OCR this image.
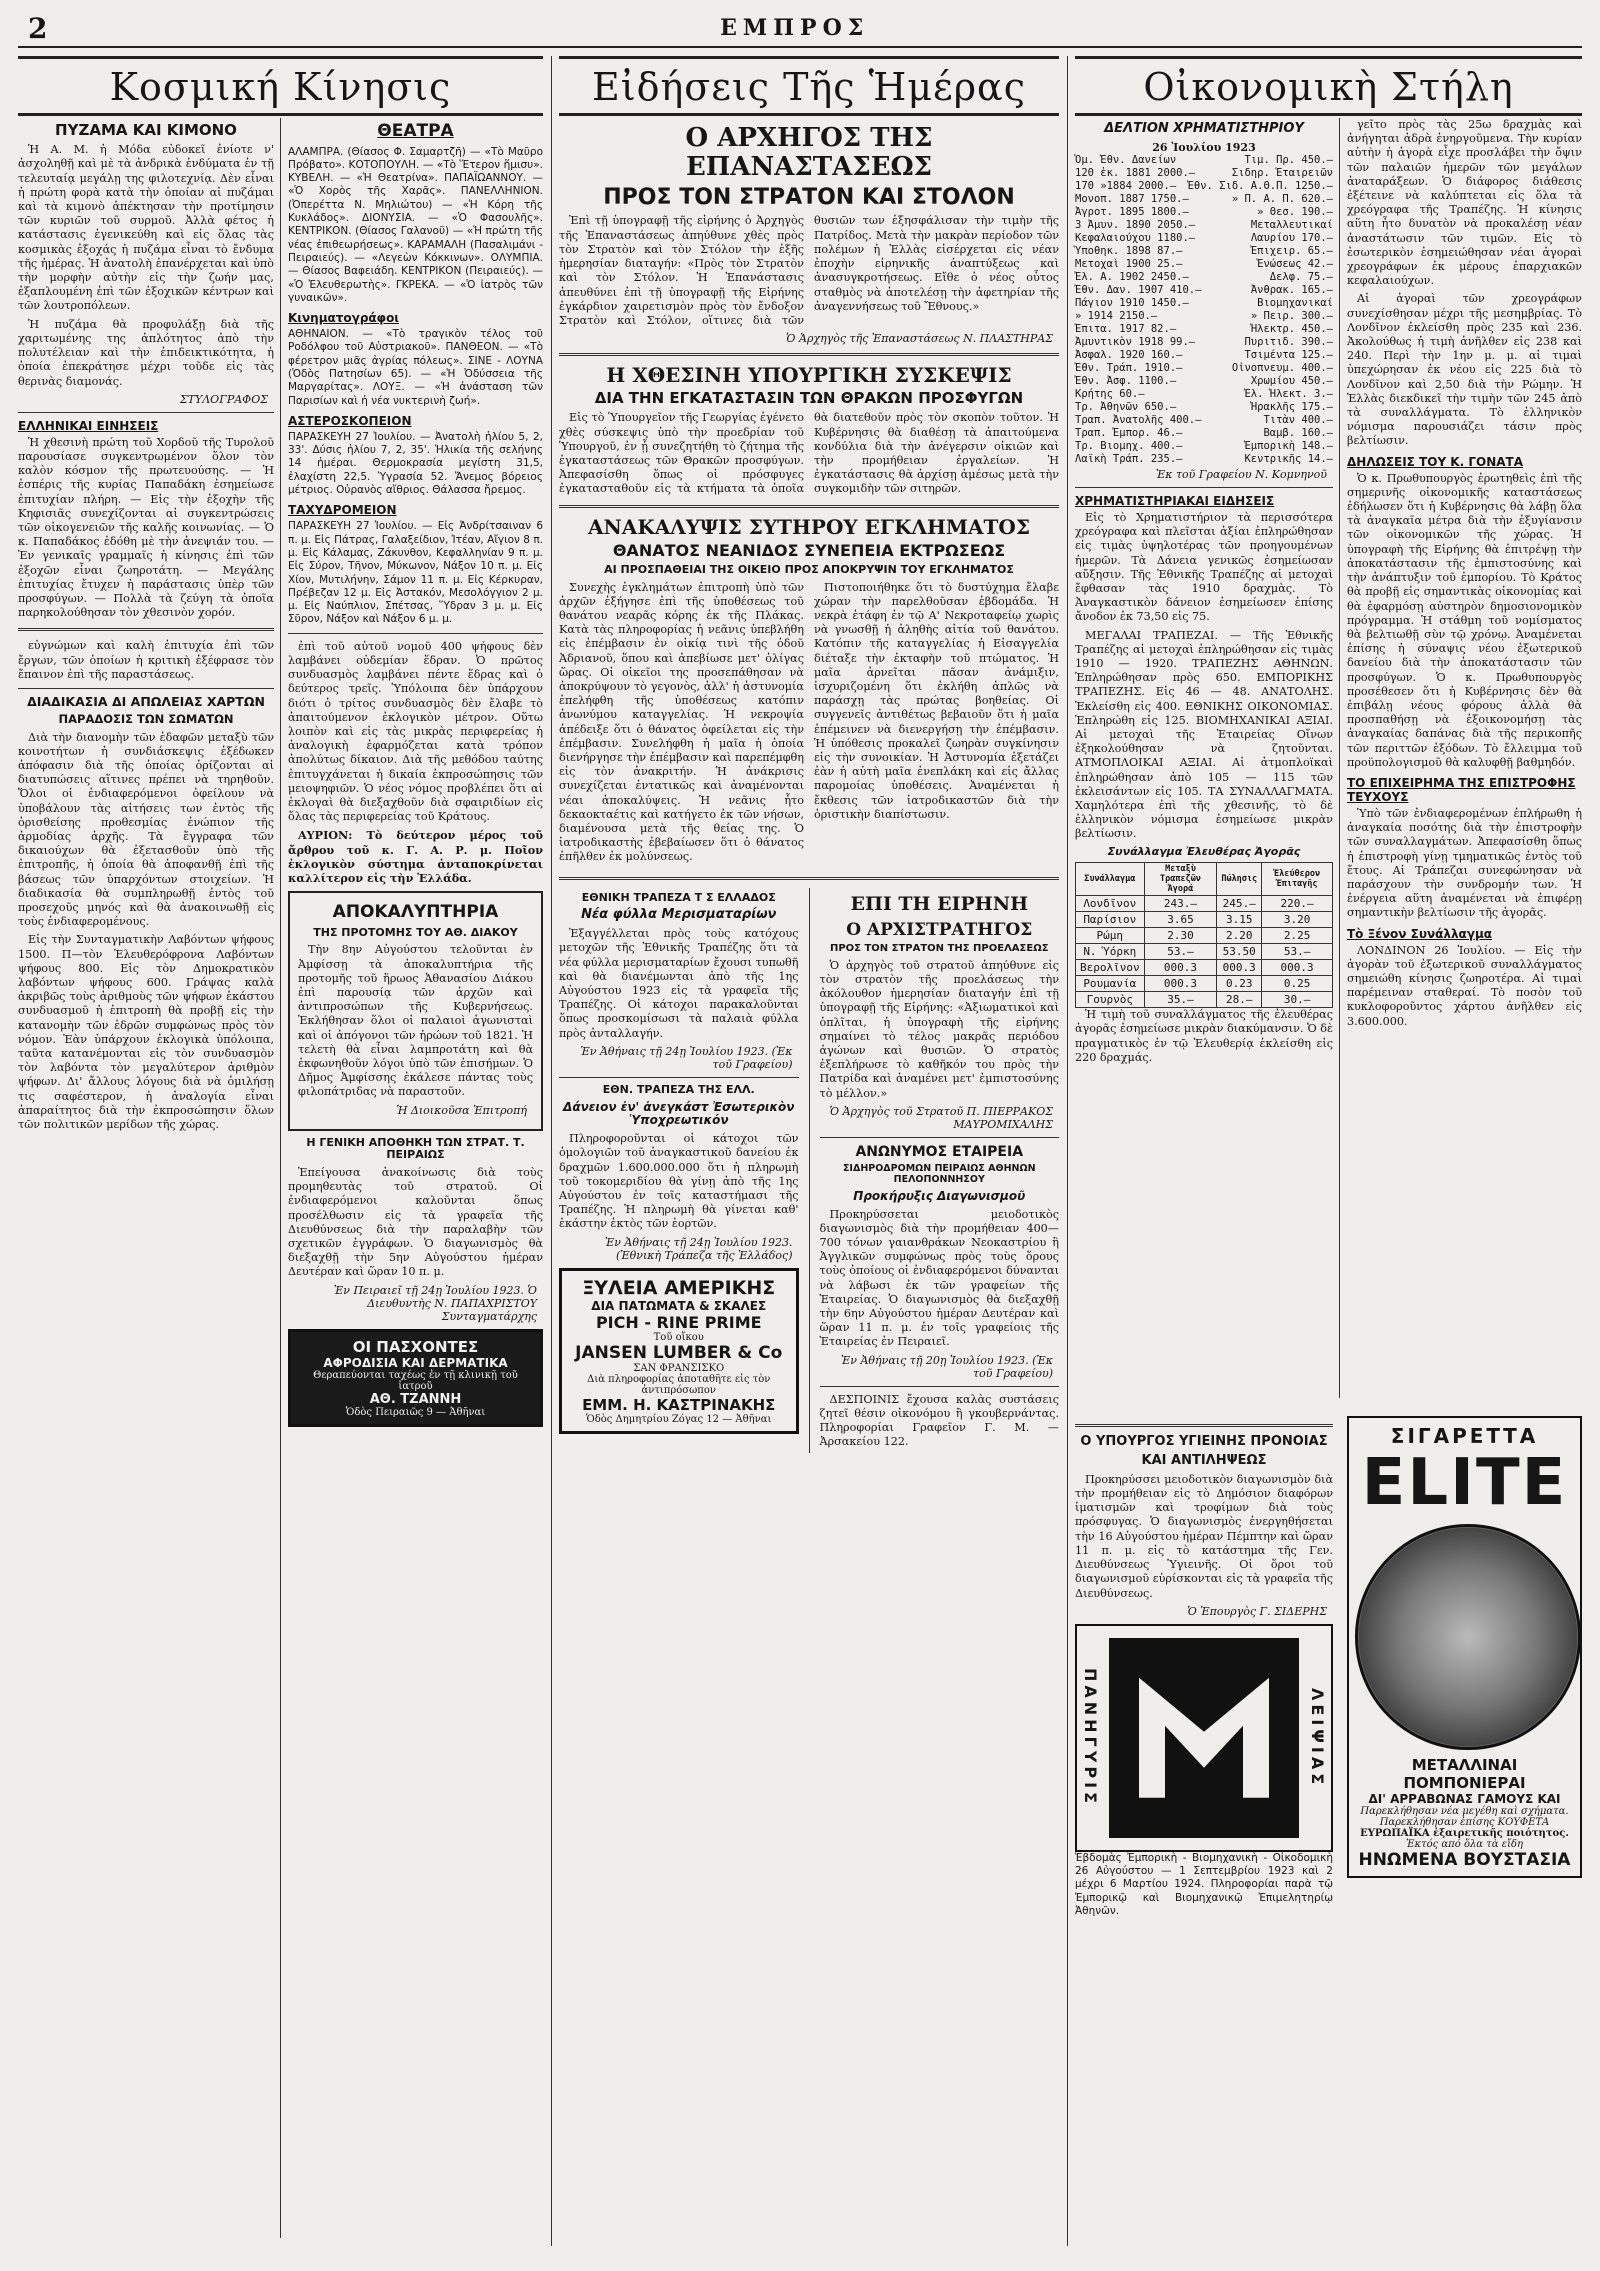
2	ΕΜΠΡΟΣ
Κοσμική Κίνησις
ΠΥΖΑΜΑ ΚΑΙ ΚΙΜΟΝΟ

Ἡ Α. Μ. ἡ Μόδα εὐδοκεῖ ἐνίοτε ν' ἀσχοληθῇ καὶ μὲ τὰ ἀνδρικὰ ἐνδύματα ἐν τῇ τελευταίᾳ μεγάλῃ της φιλοτεχνίᾳ. Δὲν εἶναι ἡ πρώτη φορὰ κατὰ τὴν ὁποίαν αἱ πυζάμαι καὶ τὰ κιμονὸ ἀπέκτησαν τὴν προτίμησιν τῶν κυριῶν τοῦ συρμοῦ. Ἀλλὰ φέτος ἡ κατάστασις ἐγενικεύθη καὶ εἰς ὅλας τὰς κοσμικὰς ἐξοχάς ἡ πυζάμα εἶναι τὸ ἔνδυμα τῆς ἡμέρας. Ἡ ἀνατολὴ ἐπανέρχεται καὶ ὑπὸ τὴν μορφὴν αὐτὴν εἰς τὴν ζωήν μας, ἐξαπλουμένη ἐπὶ τῶν ἐξοχικῶν κέντρων καὶ τῶν λουτροπόλεων.

Ἡ πυζάμα θὰ προφυλάξῃ διὰ τῆς χαριτωμένης της ἁπλότητος ἀπὸ τὴν πολυτέλειαν καὶ τὴν ἐπιδεικτικότητα, ἡ ὁποία ἐπεκράτησε μέχρι τοῦδε εἰς τὰς θερινὰς διαμονάς.

ΣΤΥΛΟΓΡΑΦΟΣ
ΕΛΛΗΝΙΚΑΙ ΕΙΝΗΣΕΙΣ

Ἡ χθεσινὴ πρώτη τοῦ Χορδοῦ τῆς Τυρολοῦ παρουσίασε συγκεντρωμένον ὅλον τὸν καλὸν κόσμον τῆς πρωτευούσης. — Ἡ ἑσπέρις τῆς κυρίας Παπαδάκη ἐσημείωσε ἐπιτυχίαν πλήρη. — Εἰς τὴν ἐξοχὴν τῆς Κηφισιᾶς συνεχίζονται αἱ συγκεντρώσεις τῶν οἰκογενειῶν τῆς καλῆς κοινωνίας. — Ὁ κ. Παπαδάκος ἐδόθη μὲ τὴν ἀνεψιάν του. — Ἐν γενικαῖς γραμμαῖς ἡ κίνησις ἐπὶ τῶν ἐξοχῶν εἶναι ζωηροτάτη. — Μεγάλης ἐπιτυχίας ἔτυχεν ἡ παράστασις ὑπὲρ τῶν προσφύγων. — Πολλὰ τὰ ζεύγη τὰ ὁποῖα παρηκολούθησαν τὸν χθεσινὸν χορόν.

εὐγνώμων καὶ καλὴ ἐπιτυχία ἐπὶ τῶν ἔργων, τῶν ὁποίων ἡ κριτικὴ ἐξέφρασε τὸν ἔπαινον ἐπὶ τῆς παραστάσεως.

ΔΙΑΔΙΚΑΣΙΑ ΔΙ ΑΠΩΛΕΙΑΣ ΧΑΡΤΩΝ
ΠΑΡΑΔΟΣΙΣ ΤΩΝ ΣΩΜΑΤΩΝ

Διὰ τὴν διανομὴν τῶν ἐδαφῶν μεταξὺ τῶν κοινοτήτων ἡ συνδιάσκεψις ἐξέδωκεν ἀπόφασιν διὰ τῆς ὁποίας ὁρίζονται αἱ διατυπώσεις αἵτινες πρέπει νὰ τηρηθοῦν. Ὅλοι οἱ ἐνδιαφερόμενοι ὀφείλουν νὰ ὑποβάλουν τὰς αἰτήσεις των ἐντὸς τῆς ὁρισθείσης προθεσμίας ἐνώπιον τῆς ἁρμοδίας ἀρχῆς. Τὰ ἔγγραφα τῶν δικαιούχων θὰ ἐξετασθοῦν ὑπὸ τῆς ἐπιτροπῆς, ἡ ὁποία θὰ ἀποφανθῇ ἐπὶ τῆς βάσεως τῶν ὑπαρχόντων στοιχείων. Ἡ διαδικασία θὰ συμπληρωθῇ ἐντὸς τοῦ προσεχοῦς μηνός καὶ θὰ ἀνακοινωθῇ εἰς τοὺς ἐνδιαφερομένους.

Εἰς τὴν Συνταγματικὴν Λαβόντων ψήφους 1500. Π—τὸν Ἐλευθερόφρονα Λαβόντων ψήφους 800. Εἰς τὸν Δημοκρατικὸν λαβόντων ψήφους 600. Γράψας καλὰ ἀκριβῶς τοὺς ἀριθμοὺς τῶν ψήφων ἑκάστου συνδυασμοῦ ἡ ἐπιτροπὴ θὰ προβῇ εἰς τὴν κατανομὴν τῶν ἑδρῶν συμφώνως πρὸς τὸν νόμον. Ἐὰν ὑπάρχουν ἐκλογικὰ ὑπόλοιπα, ταῦτα κατανέμονται εἰς τὸν συνδυασμὸν τὸν λαβόντα τὸν μεγαλύτερον ἀριθμὸν ψήφων. Δι' ἄλλους λόγους διὰ νὰ ὁμιλήσῃ τις σαφέστερον, ἡ ἀναλογία εἶναι ἀπαραίτητος διὰ τὴν ἐκπροσώπησιν ὅλων τῶν πολιτικῶν μερίδων τῆς χώρας.

ΘΕΑΤΡΑ

ΑΛΑΜΠΡΑ. (Θίασος Φ. Σαμαρτζῆ) — «Τὸ Μαῦρο Πρόβατο». ΚΟΤΟΠΟΥΛΗ. — «Τὸ Ἕτερον ἥμισυ». ΚΥΒΕΛΗ. — «Ἡ Θεατρίνα». ΠΑΠΑΪΩΑΝΝΟΥ. — «Ὁ Χορὸς τῆς Χαρᾶς». ΠΑΝΕΛΛΗΝΙΟΝ. (Ὀπερέττα Ν. Μηλιώτου) — «Ἡ Κόρη τῆς Κυκλάδος». ΔΙΟΝΥΣΙΑ. — «Ὁ Φασουλῆς». ΚΕΝΤΡΙΚΟΝ. (Θίασος Γαλανοῦ) — «Ἡ πρώτη τῆς νέας ἐπιθεωρήσεως». ΚΑΡΑΜΑΛΗ (Πασαλιμάνι - Πειραιεύς). — «Λεγεὼν Κόκκινων». ΟΛΥΜΠΙΑ. — Θίασος Βαφειάδη. ΚΕΝΤΡΙΚΟΝ (Πειραιεύς). — «Ὁ Ἐλευθερωτὴς». ΓΚΡΕΚΑ. — «Ὁ ἰατρὸς τῶν γυναικῶν».

Κινηματογράφοι

ΑΘΗΝΑΙΟΝ. — «Τὸ τραγικὸν τέλος τοῦ Ροδόλφου τοῦ Αὐστριακοῦ». ΠΑΝΘΕΟΝ. — «Τὸ φέρετρον μιᾶς ἀγρίας πόλεως». ΣΙΝΕ - ΛΟΥΝΑ (Ὁδὸς Πατησίων 65). — «Ἡ Ὀδύσσεια τῆς Μαργαρίτας». ΛΟΥΞ. — «Ἡ ἀνάσταση τῶν Παρισίων καὶ ἡ νέα νυκτερινὴ ζωή».

ΑΣΤΕΡΟΣΚΟΠΕΙΟΝ

ΠΑΡΑΣΚΕΥΗ 27 Ἰουλίου. — Ἀνατολὴ ἡλίου 5, 2, 33'. Δύσις ἡλίου 7, 2, 35'. Ἡλικία τῆς σελήνης 14 ἡμέραι. Θερμοκρασία μεγίστη 31,5, ἐλαχίστη 22,5. Ὑγρασία 52. Ἄνεμος βόρειος μέτριος. Οὐρανὸς αἴθριος. Θάλασσα ἤρεμος.

ΤΑΧΥΔΡΟΜΕΙΟΝ

ΠΑΡΑΣΚΕΥΗ 27 Ἰουλίου. — Εἰς Ἀνδρίτσαιναν 6 π. μ. Εἰς Πάτρας, Γαλαξείδιον, Ἰτέαν, Αἴγιον 8 π. μ. Εἰς Κάλαμας, Ζάκυνθον, Κεφαλληνίαν 9 π. μ. Εἰς Σύρον, Τῆνον, Μύκωνον, Νάξον 10 π. μ. Εἰς Χίον, Μυτιλήνην, Σάμον 11 π. μ. Εἰς Κέρκυραν, Πρέβεζαν 12 μ. Εἰς Ἀστακόν, Μεσολόγγιον 2 μ. μ. Εἰς Ναύπλιον, Σπέτσας, Ὕδραν 3 μ. μ. Εἰς Σῦρον, Νάξον καὶ Νάξον 6 μ. μ.

ἐπὶ τοῦ αὐτοῦ νομοῦ 400 ψήφους δὲν λαμβάνει οὐδεμίαν ἕδραν. Ὁ πρῶτος συνδυασμὸς λαμβάνει πέντε ἕδρας καὶ ὁ δεύτερος τρεῖς. Ὑπόλοιπα δὲν ὑπάρχουν διότι ὁ τρίτος συνδυασμὸς δὲν ἔλαβε τὸ ἀπαιτούμενον ἐκλογικὸν μέτρον. Οὕτω λοιπὸν καὶ εἰς τὰς μικρὰς περιφερείας ἡ ἀναλογικὴ ἐφαρμόζεται κατὰ τρόπον ἀπολύτως δίκαιον. Διὰ τῆς μεθόδου ταύτης ἐπιτυγχάνεται ἡ δικαία ἐκπροσώπησις τῶν μειοψηφιῶν. Ὁ νέος νόμος προβλέπει ὅτι αἱ ἐκλογαὶ θὰ διεξαχθοῦν διὰ σφαιριδίων εἰς ὅλας τὰς περιφερείας τοῦ Κράτους.

ΑΥΡΙΟΝ: Τὸ δεύτερον μέρος τοῦ ἄρθρου τοῦ κ. Γ. Α. Ρ. μ. Ποῖον ἐκλογικὸν σύστημα ἀνταποκρίνεται καλλίτερον εἰς τὴν Ἑλλάδα.

ΑΠΟΚΑΛΥΠΤΗΡΙΑ
ΤΗΣ ΠΡΟΤΟΜΗΣ ΤΟΥ ΑΘ. ΔΙΑΚΟΥ

Τὴν 8ην Αὐγούστου τελοῦνται ἐν Ἀμφίσσῃ τὰ ἀποκαλυπτήρια τῆς προτομῆς τοῦ ἥρωος Ἀθανασίου Διάκου ἐπὶ παρουσίᾳ τῶν ἀρχῶν καὶ ἀντιπροσώπων τῆς Κυβερνήσεως. Ἐκλήθησαν ὅλοι οἱ παλαιοὶ ἀγωνισταὶ καὶ οἱ ἀπόγονοι τῶν ἡρώων τοῦ 1821. Ἡ τελετὴ θὰ εἶναι λαμπροτάτη καὶ θὰ ἐκφωνηθοῦν λόγοι ὑπὸ τῶν ἐπισήμων. Ὁ Δῆμος Ἀμφίσσης ἐκάλεσε πάντας τοὺς φιλοπάτριδας νὰ παραστοῦν.

Ἡ Διοικοῦσα Ἐπιτροπή
Η ΓΕΝΙΚΗ ΑΠΟΘΗΚΗ ΤΩΝ ΣΤΡΑΤ. Τ. ΠΕΙΡΑΙΩΣ

Ἐπείγουσα ἀνακοίνωσις διὰ τοὺς προμηθευτὰς τοῦ στρατοῦ. Οἱ ἐνδιαφερόμενοι καλοῦνται ὅπως προσέλθωσιν εἰς τὰ γραφεῖα τῆς Διευθύνσεως διὰ τὴν παραλαβὴν τῶν σχετικῶν ἐγγράφων. Ὁ διαγωνισμὸς θὰ διεξαχθῇ τὴν 5ην Αὐγούστου ἡμέραν Δευτέραν καὶ ὥραν 10 π. μ.

Ἐν Πειραιεῖ τῇ 24ῃ Ἰουλίου 1923. Ὁ Διευθυντὴς Ν. ΠΑΠΑΧΡΙΣΤΟΥ Συνταγματάρχης
ΟΙ ΠΑΣΧΟΝΤΕΣ
ΑΦΡΟΔΙΣΙΑ ΚΑΙ ΔΕΡΜΑΤΙΚΑ
Θεραπεύονται ταχέως ἐν τῇ κλινικῇ τοῦ ἰατροῦ
ΑΘ. ΤΖΑΝΝΗ
Ὁδὸς Πειραιῶς 9 — Ἀθῆναι
Εἰδήσεις Τῆς Ἡμέρας
Ο ΑΡΧΗΓΟΣ ΤΗΣ ΕΠΑΝΑΣΤΑΣΕΩΣ
ΠΡΟΣ ΤΟΝ ΣΤΡΑΤΟΝ ΚΑΙ ΣΤΟΛΟΝ

Ἐπὶ τῇ ὑπογραφῇ τῆς εἰρήνης ὁ Ἀρχηγὸς τῆς Ἐπαναστάσεως ἀπηύθυνε χθὲς πρὸς τὸν Στρατὸν καὶ τὸν Στόλον τὴν ἑξῆς ἡμερησίαν διαταγήν: «Πρὸς τὸν Στρατὸν καὶ τὸν Στόλον. Ἡ Ἐπανάστασις ἀπευθύνει ἐπὶ τῇ ὑπογραφῇ τῆς Εἰρήνης ἐγκάρδιον χαιρετισμὸν πρὸς τὸν ἔνδοξον Στρατὸν καὶ Στόλον, οἵτινες διὰ τῶν θυσιῶν των ἐξησφάλισαν τὴν τιμὴν τῆς Πατρίδος. Μετὰ τὴν μακρὰν περίοδον τῶν πολέμων ἡ Ἑλλὰς εἰσέρχεται εἰς νέαν ἐποχὴν εἰρηνικῆς ἀναπτύξεως καὶ ἀνασυγκροτήσεως. Εἴθε ὁ νέος οὗτος σταθμὸς νὰ ἀποτελέσῃ τὴν ἀφετηρίαν τῆς ἀναγεννήσεως τοῦ Ἔθνους.»

Ὁ Ἀρχηγὸς τῆς Ἐπαναστάσεως Ν. ΠΛΑΣΤΗΡΑΣ
Η ΧΘΕΣΙΝΗ ΥΠΟΥΡΓΙΚΗ ΣΥΣΚΕΨΙΣ
ΔΙΑ ΤΗΝ ΕΓΚΑΤΑΣΤΑΣΙΝ ΤΩΝ ΘΡΑΚΩΝ ΠΡΟΣΦΥΓΩΝ

Εἰς τὸ Ὑπουργεῖον τῆς Γεωργίας ἐγένετο χθὲς σύσκεψις ὑπὸ τὴν προεδρίαν τοῦ Ὑπουργοῦ, ἐν ᾗ συνεζητήθη τὸ ζήτημα τῆς ἐγκαταστάσεως τῶν Θρακῶν προσφύγων. Ἀπεφασίσθη ὅπως οἱ πρόσφυγες ἐγκατασταθοῦν εἰς τὰ κτήματα τὰ ὁποῖα θὰ διατεθοῦν πρὸς τὸν σκοπὸν τοῦτον. Ἡ Κυβέρνησις θὰ διαθέσῃ τὰ ἀπαιτούμενα κονδύλια διὰ τὴν ἀνέγερσιν οἰκιῶν καὶ τὴν προμήθειαν ἐργαλείων. Ἡ ἐγκατάστασις θὰ ἀρχίσῃ ἀμέσως μετὰ τὴν συγκομιδὴν τῶν σιτηρῶν.

ΑΝΑΚΑΛΥΨΙΣ ΣΥΤΗΡΟΥ ΕΓΚΛΗΜΑΤΟΣ
ΘΑΝΑΤΟΣ ΝΕΑΝΙΔΟΣ ΣΥΝΕΠΕΙΑ ΕΚΤΡΩΣΕΩΣ
ΑΙ ΠΡΟΣΠΑΘΕΙΑΙ ΤΗΣ ΟΙΚΕΙΟ ΠΡΟΣ ΑΠΟΚΡΥΨΙΝ ΤΟΥ ΕΓΚΛΗΜΑΤΟΣ

Συνεχὴς ἐγκλημάτων ἐπιτροπὴ ὑπὸ τῶν ἀρχῶν ἐξήγησε ἐπὶ τῆς ὑποθέσεως τοῦ θανάτου νεαρᾶς κόρης ἐκ τῆς Πλάκας. Κατὰ τὰς πληροφορίας ἡ νεᾶνις ὑπεβλήθη εἰς ἐπέμβασιν ἐν οἰκίᾳ τινὶ τῆς ὁδοῦ Ἀδριανοῦ, ὅπου καὶ ἀπεβίωσε μετ' ὀλίγας ὥρας. Οἱ οἰκεῖοι της προσεπάθησαν νὰ ἀποκρύψουν τὸ γεγονὸς, ἀλλ' ἡ ἀστυνομία ἐπελήφθη τῆς ὑποθέσεως κατόπιν ἀνωνύμου καταγγελίας. Ἡ νεκροψία ἀπέδειξε ὅτι ὁ θάνατος ὀφείλεται εἰς τὴν ἐπέμβασιν. Συνελήφθη ἡ μαῖα ἡ ὁποία διενήργησε τὴν ἐπέμβασιν καὶ παρεπέμφθη εἰς τὸν ἀνακριτήν. Ἡ ἀνάκρισις συνεχίζεται ἐντατικῶς καὶ ἀναμένονται νέαι ἀποκαλύψεις. Ἡ νεᾶνις ἦτο δεκαοκταέτις καὶ κατήγετο ἐκ τῶν νήσων, διαμένουσα μετὰ τῆς θείας της. Ὁ ἰατροδικαστὴς ἐβεβαίωσεν ὅτι ὁ θάνατος ἐπῆλθεν ἐκ μολύνσεως.

Πιστοποιήθηκε ὅτι τὸ δυστύχημα ἔλαβε χώραν τὴν παρελθοῦσαν ἑβδομάδα. Ἡ νεκρὰ ἐτάφη ἐν τῷ Α' Νεκροταφείῳ χωρὶς νὰ γνωσθῇ ἡ ἀληθὴς αἰτία τοῦ θανάτου. Κατόπιν τῆς καταγγελίας ἡ Εἰσαγγελία διέταξε τὴν ἐκταφὴν τοῦ πτώματος. Ἡ μαῖα ἀρνεῖται πᾶσαν ἀνάμιξιν, ἰσχυριζομένη ὅτι ἐκλήθη ἁπλῶς νὰ παράσχῃ τὰς πρώτας βοηθείας. Οἱ συγγενεῖς ἀντιθέτως βεβαιοῦν ὅτι ἡ μαῖα ἐπέμεινεν νὰ διενεργήσῃ τὴν ἐπέμβασιν. Ἡ ὑπόθεσις προκαλεῖ ζωηρὰν συγκίνησιν εἰς τὴν συνοικίαν. Ἡ Ἀστυνομία ἐξετάζει ἐὰν ἡ αὐτὴ μαῖα ἐνεπλάκη καὶ εἰς ἄλλας παρομοίας ὑποθέσεις. Ἀναμένεται ἡ ἔκθεσις τῶν ἰατροδικαστῶν διὰ τὴν ὁριστικὴν διαπίστωσιν.

ΕΘΝΙΚΗ ΤΡΑΠΕΖΑ Τ Σ ΕΛΛΑΔΟΣ
Νέα φύλλα Μερισματαρίων

Ἐξαγγέλλεται πρὸς τοὺς κατόχους μετοχῶν τῆς Ἐθνικῆς Τραπέζης ὅτι τὰ νέα φύλλα μερισματαρίων ἔχουσι τυπωθῆ καὶ θὰ διανέμωνται ἀπὸ τῆς 1ης Αὐγούστου 1923 εἰς τὰ γραφεῖα τῆς Τραπέζης. Οἱ κάτοχοι παρακαλοῦνται ὅπως προσκομίσωσι τὰ παλαιὰ φύλλα πρὸς ἀνταλλαγήν.

Ἐν Ἀθήναις τῇ 24ῃ Ἰουλίου 1923. (Ἐκ τοῦ Γραφείου)
ΕΘΝ. ΤΡΑΠΕΖΑ ΤΗΣ ΕΛΛ.
Δάνειον ἐν' ἀνεγκάστ Ἐσωτερικὸν Ὑποχρεωτικόν

Πληροφοροῦνται οἱ κάτοχοι τῶν ὁμολογιῶν τοῦ ἀναγκαστικοῦ δανείου ἐκ δραχμῶν 1.600.000.000 ὅτι ἡ πληρωμὴ τοῦ τοκομεριδίου θὰ γίνῃ ἀπὸ τῆς 1ης Αὐγούστου ἐν τοῖς καταστήμασι τῆς Τραπέζης. Ἡ πληρωμὴ θὰ γίνεται καθ' ἑκάστην ἐκτὸς τῶν ἑορτῶν.

Ἐν Ἀθήναις τῇ 24ῃ Ἰουλίου 1923. (Ἐθνικὴ Τράπεζα τῆς Ἑλλάδος)
ΞΥΛΕΙΑ ΑΜΕΡΙΚΗΣ
ΔΙΑ ΠΑΤΩΜΑΤΑ & ΣΚΑΛΕΣ
PICH - RINE PRIME
Τοῦ οἴκου
JANSEN LUMBER & Co
ΣΑΝ ΦΡΑΝΣΙΣΚΟ
Διὰ πληροφορίας ἀποταθῆτε εἰς τὸν ἀντιπρόσωπον
ΕΜΜ. Η. ΚΑΣΤΡΙΝΑΚΗΣ
Ὁδὸς Δημητρίου Ζόγας 12 — Ἀθῆναι
ΕΠΙ ΤΗ ΕΙΡΗΝΗ
Ο ΑΡΧΙΣΤΡΑΤΗΓΟΣ
ΠΡΟΣ ΤΟΝ ΣΤΡΑΤΟΝ ΤΗΣ ΠΡΟΕΛΑΣΕΩΣ

Ὁ ἀρχηγὸς τοῦ στρατοῦ ἀπηύθυνε εἰς τὸν στρατὸν τῆς προελάσεως τὴν ἀκόλουθον ἡμερησίαν διαταγήν ἐπὶ τῇ ὑπογραφῇ τῆς Εἰρήνης: «Ἀξιωματικοὶ καὶ ὁπλῖται, ἡ ὑπογραφὴ τῆς εἰρήνης σημαίνει τὸ τέλος μακρᾶς περιόδου ἀγώνων καὶ θυσιῶν. Ὁ στρατὸς ἐξεπλήρωσε τὸ καθῆκόν του πρὸς τὴν Πατρίδα καὶ ἀναμένει μετ' ἐμπιστοσύνης τὸ μέλλον.»

Ὁ Ἀρχηγὸς τοῦ Στρατοῦ Π. ΠΙΕΡΡΑΚΟΣ ΜΑΥΡΟΜΙΧΑΛΗΣ
ΑΝΩΝΥΜΟΣ ΕΤΑΙΡΕΙΑ
ΣΙΔΗΡΟΔΡΟΜΩΝ ΠΕΙΡΑΙΩΣ ΑΘΗΝΩΝ ΠΕΛΟΠΟΝΝΗΣΟΥ
Προκήρυξις Διαγωνισμοῦ

Προκηρύσσεται μειοδοτικὸς διαγωνισμὸς διὰ τὴν προμήθειαν 400—700 τόνων γαιανθράκων Νεοκαστρίου ἢ Ἀγγλικῶν συμφώνως πρὸς τοὺς ὅρους τοὺς ὁποίους οἱ ἐνδιαφερόμενοι δύνανται νὰ λάβωσι ἐκ τῶν γραφείων τῆς Ἑταιρείας. Ὁ διαγωνισμὸς θὰ διεξαχθῇ τὴν 6ην Αὐγούστου ἡμέραν Δευτέραν καὶ ὥραν 11 π. μ. ἐν τοῖς γραφείοις τῆς Ἑταιρείας ἐν Πειραιεῖ.

Ἐν Ἀθήναις τῇ 20ῃ Ἰουλίου 1923. (Ἐκ τοῦ Γραφείου)

ΔΕΣΠΟΙΝΙΣ ἔχουσα καλὰς συστάσεις ζητεῖ θέσιν οἰκονόμου ἢ γκουβερνάντας. Πληροφορίαι Γραφεῖον Γ. Μ. — Ἀρσακείου 122.

Οἰκονομικὴ Στήλη
ΔΕΛΤΙΟΝ ΧΡΗΜΑΤΙΣΤΗΡΙΟΥ
26 Ἰουλίου 1923
Ὁμ. Ἐθν. Δανείων	Τιμ. Πρ. 450.—
120 ἐκ. 1881 2000.—	Σιδηρ. Ἑταιρειῶν
170 »1884 2000.— Ἐθν. Σιδ. Α.Θ.Π. 1250.—
Μονοπ. 1887 1750.—	» Π. Α. Π. 620.—
Ἀγροτ. 1895 1800.—	» Θεσ. 190.—
3 Ἀμυν. 1890 2050.—	Μεταλλευτικαί
Κεφαλαιούχου 1180.—	Λαυρίου 170.—
Ὑποθηκ. 1898 87.—	Ἐπιχειρ. 65.—
Μετοχαὶ 1900 25.—	Ἑνώσεως 42.—
Ἐλ. Α. 1902 2450.—	Δελφ. 75.—
Ἐθν. Δαν. 1907 410.—	Ἀνθρακ. 165.—
Πάγιον 1910 1450.—	Βιομηχανικαί
» 1914 2150.—	» Πειρ. 300.—
Ἐπιτα. 1917 82.—	Ἠλεκτρ. 450.—
Ἀμυντικὸν 1918 99.—	Πυριτιδ. 390.—
Ἀσφαλ. 1920 160.—	Τσιμέντα 125.—
Ἐθν. Τράπ. 1910.—	Οἰνοπνευμ. 400.—
Ἐθν. Ἀσφ. 1100.—	Χρωμίου 450.—
Κρήτης 60.—	Ἐλ. Ἡλεκτ. 3.—
Τρ. Ἀθηνῶν 650.—	Ἡρακλῆς 175.—
Τραπ. Ἀνατολῆς 400.—	Τιτὰν 400.—
Τραπ. Ἐμπορ. 46.—	Βαμβ. 160.—
Τρ. Βιομηχ. 400.—	Ἐμπορικὴ 148.—
Λαϊκὴ Τράπ. 235.—	Κεντρικῆς 14.—
Ἐκ τοῦ Γραφείου Ν. Κομνηνοῦ
ΧΡΗΜΑΤΙΣΤΗΡΙΑΚΑΙ ΕΙΔΗΣΕΙΣ

Εἰς τὸ Χρηματιστήριον τὰ περισσότερα χρεόγραφα καὶ πλεῖσται ἀξίαι ἐπληρώθησαν εἰς τιμὰς ὑψηλοτέρας τῶν προηγουμένων ἡμερῶν. Τὰ Δάνεια γενικῶς ἐσημείωσαν αὔξησιν. Τῆς Ἐθνικῆς Τραπέζης αἱ μετοχαὶ ἔφθασαν τὰς 1910 δραχμὰς. Τὸ Ἀναγκαστικὸν δάνειον ἐσημείωσεν ἐπίσης ἄνοδον ἐκ 73,50 εἰς 75.

ΜΕΓΑΛΑΙ ΤΡΑΠΕΖΑΙ. — Τῆς Ἐθνικῆς Τραπέζης αἱ μετοχαὶ ἐπληρώθησαν εἰς τιμὰς 1910 — 1920. ΤΡΑΠΕΖΗΣ ΑΘΗΝΩΝ. Ἐπληρώθησαν πρὸς 650. ΕΜΠΟΡΙΚΗΣ ΤΡΑΠΕΖΗΣ. Εἰς 46 — 48. ΑΝΑΤΟΛΗΣ. Ἐκλείσθη εἰς 400. ΕΘΝΙΚΗΣ ΟΙΚΟΝΟΜΙΑΣ. Ἐπληρώθη εἰς 125. ΒΙΟΜΗΧΑΝΙΚΑΙ ΑΞΙΑΙ. Αἱ μετοχαὶ τῆς Ἑταιρείας Οἴνων ἐξηκολούθησαν νὰ ζητοῦνται. ΑΤΜΟΠΛΟΙΚΑΙ ΑΞΙΑΙ. Αἱ ἀτμοπλοϊκαὶ ἐπληρώθησαν ἀπὸ 105 — 115 τῶν ἐκλεισάντων εἰς 105. ΤΑ ΣΥΝΑΛΛΑΓΜΑΤΑ. Χαμηλότερα ἐπὶ τῆς χθεσινῆς, τὸ δὲ ἐλληνικὸν νόμισμα ἐσημείωσε μικρὰν βελτίωσιν.

Συνάλλαγμα Ἐλευθέρας Ἀγορᾶς
Συνάλλαγμα	Μεταξὺ Τραπεζῶν Ἀγορά	Πώλησις	Ἐλεύθερον Ἐπιταγῆς
Λονδῖνον	243.—	245.—	220.—
Παρίσιον	3.65	3.15	3.20
Ρώμη	2.30	2.20	2.25
Ν. Ὑόρκη	53.—	53.50	53.—
Βερολῖνον	000.3	000.3	000.3
Ρουμανία	000.3	0.23	0.25
Γουρνὸς	35.—	28.—	30.—

Ἡ τιμὴ τοῦ συναλλάγματος τῆς ἐλευθέρας ἀγορᾶς ἐσημείωσε μικρὰν διακύμανσιν. Ὁ δὲ πραγματικὸς ἐν τῷ Ἐλευθερίᾳ ἐκλείσθη εἰς 220 δραχμάς.

γεῖτο πρὸς τὰς 25ω δραχμὰς καὶ ἀνήγηται ἁδρὰ ἐνηργοῦμενα. Τὴν κυρίαν αὐτὴν ἡ ἀγορὰ εἶχε προσλάβει τὴν ὄψιν τῶν παλαιῶν ἡμερῶν τῶν μεγάλων ἀναταράξεων. Ὁ διάφορος διάθεσις ἐξέτεινε νὰ καλύπτεται εἰς ὅλα τὰ χρεόγραφα τῆς Τραπέζης. Ἡ κίνησις αὕτη ἦτο δυνατὸν νὰ προκαλέσῃ νέαν ἀναστάτωσιν τῶν τιμῶν. Εἰς τὸ ἐσωτερικὸν ἐσημειώθησαν νέαι ἀγοραὶ χρεογράφων ἐκ μέρους ἐπαρχιακῶν κεφαλαιούχων.

Αἱ ἀγοραὶ τῶν χρεογράφων συνεχίσθησαν μέχρι τῆς μεσημβρίας. Τὸ Λονδῖνον ἐκλείσθη πρὸς 235 καὶ 236. Ἀκολούθως ἡ τιμὴ ἀνῆλθεν εἰς 238 καὶ 240. Περὶ τὴν 1ην μ. μ. αἱ τιμαὶ ὑπεχώρησαν ἐκ νέου εἰς 225 διὰ τὸ Λονδῖνον καὶ 2,50 διὰ τὴν Ρώμην. Ἡ Ἑλλὰς διεκδικεῖ τὴν τιμὴν τῶν 245 ἀπὸ τὰ συναλλάγματα. Τὸ ἐλληνικὸν νόμισμα παρουσιάζει τάσιν πρὸς βελτίωσιν.

ΔΗΛΩΣΕΙΣ ΤΟΥ Κ. ΓΟΝΑΤΑ

Ὁ κ. Πρωθυπουργὸς ἐρωτηθεὶς ἐπὶ τῆς σημερινῆς οἰκονομικῆς καταστάσεως ἐδήλωσεν ὅτι ἡ Κυβέρνησις θὰ λάβῃ ὅλα τὰ ἀναγκαῖα μέτρα διὰ τὴν ἐξυγίανσιν τῶν οἰκονομικῶν τῆς χώρας. Ἡ ὑπογραφὴ τῆς Εἰρήνης θὰ ἐπιτρέψῃ τὴν ἀποκατάστασιν τῆς ἐμπιστοσύνης καὶ τὴν ἀνάπτυξιν τοῦ ἐμπορίου. Τὸ Κράτος θὰ προβῇ εἰς σημαντικὰς οἰκονομίας καὶ θὰ ἐφαρμόσῃ αὐστηρὸν δημοσιονομικὸν πρόγραμμα. Ἡ στάθμη τοῦ νομίσματος θὰ βελτιωθῇ σὺν τῷ χρόνῳ. Ἀναμένεται ἐπίσης ἡ σύναψις νέου ἐξωτερικοῦ δανείου διὰ τὴν ἀποκατάστασιν τῶν προσφύγων. Ὁ κ. Πρωθυπουργὸς προσέθεσεν ὅτι ἡ Κυβέρνησις δὲν θὰ ἐπιβάλῃ νέους φόρους ἀλλὰ θὰ προσπαθήσῃ νὰ ἐξοικονομήσῃ τὰς ἀναγκαίας δαπάνας διὰ τῆς περικοπῆς τῶν περιττῶν ἐξόδων. Τὸ ἔλλειμμα τοῦ προϋπολογισμοῦ θὰ καλυφθῇ βαθμηδόν.

ΤΟ ΕΠΙΧΕΙΡΗΜΑ ΤΗΣ ΕΠΙΣΤΡΟΦΗΣ ΤΕΥΧΟΥΣ

Ὑπὸ τῶν ἐνδιαφερομένων ἐπλήρωθη ἡ ἀναγκαία ποσότης διὰ τὴν ἐπιστροφὴν τῶν συναλλαγμάτων. Ἀπεφασίσθη ὅπως ἡ ἐπιστροφὴ γίνῃ τμηματικῶς ἐντὸς τοῦ ἔτους. Αἱ Τράπεζαι συνεφώνησαν νὰ παράσχουν τὴν συνδρομήν των. Ἡ ἐνέργεια αὕτη ἀναμένεται νὰ ἐπιφέρῃ σημαντικὴν βελτίωσιν τῆς ἀγορᾶς.

Τὸ Ξένον Συνάλλαγμα

ΛΟΝΔΙΝΟΝ 26 Ἰουλίου. — Εἰς τὴν ἀγορὰν τοῦ ἐξωτερικοῦ συναλλάγματος σημειώθη κίνησις ζωηροτέρα. Αἱ τιμαὶ παρέμειναν σταθεραί. Τὸ ποσὸν τοῦ κυκλοφοροῦντος χάρτου ἀνῆλθεν εἰς 3.600.000.

Ο ΥΠΟΥΡΓΟΣ ΥΓΙΕΙΝΗΣ ΠΡΟΝΟΙΑΣ
ΚΑΙ ΑΝΤΙΛΗΨΕΩΣ

Προκηρύσσει μειοδοτικὸν διαγωνισμὸν διὰ τὴν προμήθειαν εἰς τὸ Δημόσιον διαφόρων ἰματισμῶν καὶ τροφίμων διὰ τοὺς πρόσφυγας. Ὁ διαγωνισμὸς ἐνεργηθήσεται τὴν 16 Αὐγούστου ἡμέραν Πέμπτην καὶ ὥραν 11 π. μ. εἰς τὸ κατάστημα τῆς Γεν. Διευθύνσεως Ὑγιεινῆς. Οἱ ὅροι τοῦ διαγωνισμοῦ εὑρίσκονται εἰς τὰ γραφεῖα τῆς Διευθύνσεως.

Ὁ Ἐπουργὸς Γ. ΣΙΔΕΡΗΣ
ΠΑΝΗΓΥΡΙΣ	ΛΕΙΨΙΑΣ

Ἑβδομὰς Ἐμπορικὴ - Βιομηχανικὴ - Οἰκοδομικὴ 26 Αὐγούστου — 1 Σεπτεμβρίου 1923 καὶ 2 μέχρι 6 Μαρτίου 1924. Πληροφορίαι παρὰ τῷ Ἐμπορικῷ καὶ Βιομηχανικῷ Ἐπιμελητηρίῳ Ἀθηνῶν.

ΣΙΓΑΡΕΤΤΑ
ELITE
ΜΕΤΑΛΛΙΝΑΙ ΠΟΜΠΟΝΙΕΡΑΙ
ΔΙ' ΑΡΡΑΒΩΝΑΣ ΓΑΜΟΥΣ ΚΑΙ
Παρεκλήθησαν νέα μεγέθη καὶ σχήματα. Παρεκλήθησαν ἐπίσης ΚΟΥΦΕΤΑ
ΕΥΡΩΠΑΪΚΑ ἐξαιρετικῆς ποιότητος.
Ἐκτός από ὅλα τὰ εἴδη
ΗΝΩΜΕΝΑ ΒΟΥΣΤΑΣΙΑ
